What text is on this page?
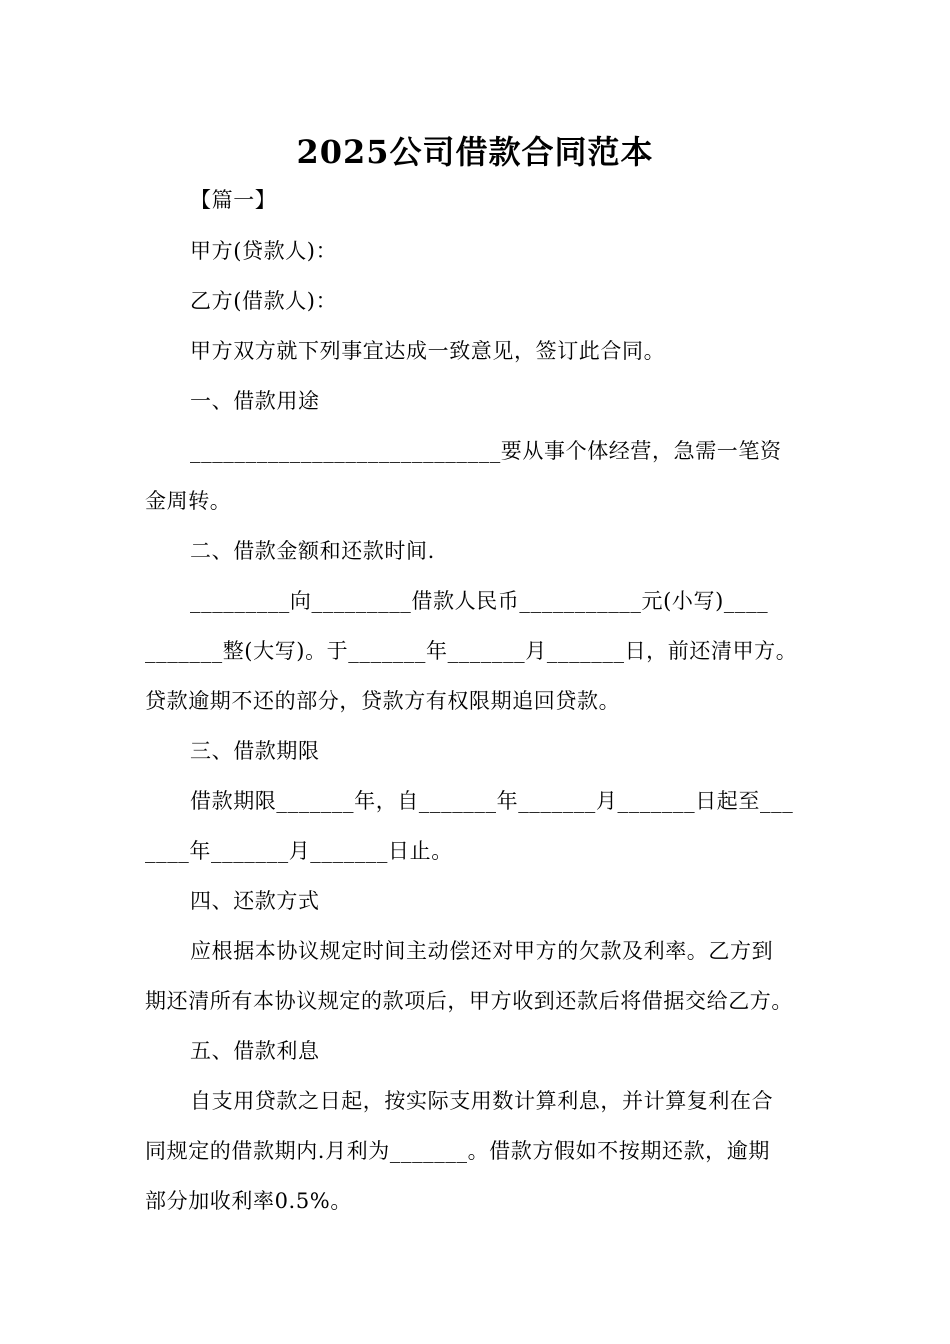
2025公司借款合同范本
【篇一】
甲方(贷款人)：
乙方(借款人)：
甲方双方就下列事宜达成一致意见，签订此合同。
一、借款用途
____________________________要从事个体经营，急需一笔资
金周转。
二、借款金额和还款时间.
_________向_________借款人民币___________元(小写)____
_______整(大写)。于_______年_______月_______日，前还清甲方。
贷款逾期不还的部分，贷款方有权限期追回贷款。
三、借款期限
借款期限_______年，自_______年_______月_______日起至___
____年_______月_______日止。
四、还款方式
应根据本协议规定时间主动偿还对甲方的欠款及利率。乙方到
期还清所有本协议规定的款项后，甲方收到还款后将借据交给乙方。
五、借款利息
自支用贷款之日起，按实际支用数计算利息，并计算复利在合
同规定的借款期内.月利为_______。借款方假如不按期还款，逾期
部分加收利率0.5%。
